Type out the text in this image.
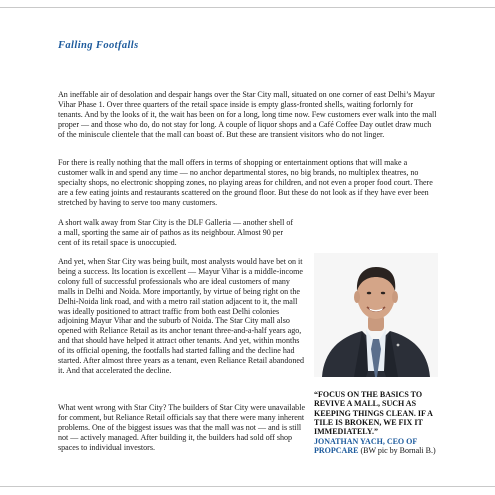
Falling Footfalls

An ineffable air of desolation and despair hangs over the Star City mall, situated on one corner of east Delhi’s Mayur Vihar Phase 1. Over three quarters of the retail space inside is empty glass-fronted shells, waiting forlornly for tenants. And by the looks of it, the wait has been on for a long, long time now. Few customers ever walk into the mall proper — and those who do, do not stay for long. A couple of liquor shops and a Café Coffee Day outlet draw much of the miniscule clientele that the mall can boast of. But these are transient visitors who do not linger.

For there is really nothing that the mall offers in terms of shopping or entertainment options that will make a customer walk in and spend any time — no anchor departmental stores, no big brands, no multiplex theatres, no specialty shops, no electronic shopping zones, no playing areas for children, and not even a proper food court. There are a few eating joints and restaurants scattered on the ground floor. But these do not look as if they have ever been stretched by having to serve too many customers.

A short walk away from Star City is the DLF Galleria — another shell of a mall, sporting the same air of pathos as its neighbour. Almost 90 per cent of its retail space is unoccupied.

And yet, when Star City was being built, most analysts would have bet on it being a success. Its location is excellent — Mayur Vihar is a middle-income colony full of successful professionals who are ideal customers of many malls in Delhi and Noida. More importantly, by virtue of being right on the Delhi-Noida link road, and with a metro rail station adjacent to it, the mall was ideally positioned to attract traffic from both east Delhi colonies adjoining Mayur Vihar and the suburb of Noida. The Star City mall also opened with Reliance Retail as its anchor tenant three-and-a-half years ago, and that should have helped it attract other tenants. And yet, within months of its official opening, the footfalls had started falling and the decline had started. After almost three years as a tenant, even Reliance Retail abandoned it. And that accelerated the decline.

What went wrong with Star City? The builders of Star City were unavailable for comment, but Reliance Retail officials say that there were many inherent problems. One of the biggest issues was that the mall was not — and is still not — actively managed. After building it, the builders had sold off shop spaces to individual investors.

“FOCUS ON THE BASICS TO REVIVE A MALL, SUCH AS KEEPING THINGS CLEAN. IF A TILE IS BROKEN, WE FIX IT IMMEDIATELY.”

JONATHAN YACH, CEO OF PROPCARE (BW pic by Bornali B.)
